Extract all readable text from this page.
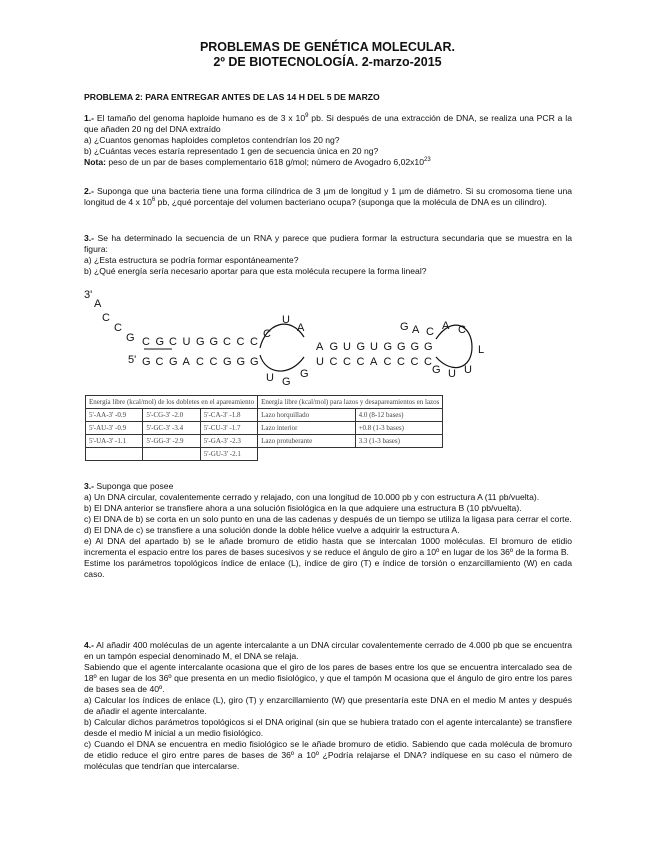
PROBLEMAS DE GENÉTICA MOLECULAR.
2º DE BIOTECNOLOGÍA. 2-marzo-2015
PROBLEMA 2: PARA ENTREGAR ANTES DE LAS 14 H DEL 5 DE MARZO

1.- El tamaño del genoma haploide humano es de 3 x $10^9$ pb. Si después de una extracción de DNA, se realiza una PCR a la que añaden 20 ng del DNA extraído

a) ¿Cuantos genomas haploides completos contendrían los 20 ng?

b) ¿Cuántas veces estaría representado 1 gen de secuencia única en 20 ng?

Nota: peso de un par de bases complementario 618 g/mol; número de Avogadro $6,02x10^{23}$

2.- Suponga que una bacteria tiene una forma cilíndrica de 3 µm de longitud y 1 µm de diámetro. Si su cromosoma tiene una longitud de 4 x $10^6$ pb, ¿qué porcentaje del volumen bacteriano ocupa? (suponga que la molécula de DNA es un cilindro).

3.- Se ha determinado la secuencia de un RNA y parece que pudiera formar la estructura secundaria que se muestra en la figura:

a) ¿Esta estructura se podría formar espontáneamente?

b) ¿Qué energía sería necesario aportar para que esta molécula recupere la forma lineal?

3'
5'
A
C
C
G C G C U G G C C C
G C G A C C G G G
C
U
A
U G
G
A G U G U G G G G
U C C C A C C C C
G A C A C
L
U
U
G
Energía libre (kcal/mol) de los dobletes en el apareamiento			Energía libre (kcal/mol) para lazos y desapareamientos en lazos	
5'-AA-3' -0.9	5'-CG-3' -2.0	5'-CA-3' -1.8	Lazo horquillado	4.0 (8-12 bases)
5'-AU-3' -0.9	5'-GC-3' -3.4	5'-CU-3' -1.7	Lazo interior	+0.8 (1-3 bases)
5'-UA-3' -1.1	5'-GG-3' -2.9	5'-GA-3' -2.3	Lazo protuberante	3.3 (1-3 bases)
		5'-GU-3' -2.1		

3.- Suponga que posee

a) Un DNA circular, covalentemente cerrado y relajado, con una longitud de 10.000 pb y con estructura A (11 pb/vuelta).

b) El DNA anterior se transfiere ahora a una solución fisiológica en la que adquiere una estructura B (10 pb/vuelta).

c) El DNA de b) se corta en un solo punto en una de las cadenas y después de un tiempo se utiliza la ligasa para cerrar el corte.

d) El DNA de c) se transfiere a una solución donde la doble hélice vuelve a adquirir la estructura A.

e) Al DNA del apartado b) se le añade bromuro de etidio hasta que se intercalan 1000 moléculas. El bromuro de etidio incrementa el espacio entre los pares de bases sucesivos y se reduce el ángulo de giro a 10º en lugar de los 36º de la forma B.

Estime los parámetros topológicos índice de enlace (L), índice de giro (T) e índice de torsión o enzarcillamiento (W) en cada caso.

4.- Al añadir 400 moléculas de un agente intercalante a un DNA circular covalentemente cerrado de 4.000 pb que se encuentra en un tampón especial denominado M, el DNA se relaja.

Sabiendo que el agente intercalante ocasiona que el giro de los pares de bases entre los que se encuentra intercalado sea de 18º en lugar de los 36º que presenta en un medio fisiológico, y que el tampón M ocasiona que el ángulo de giro entre los pares de bases sea de 40º.

a) Calcular los índices de enlace (L), giro (T) y enzarcillamiento (W) que presentaría este DNA en el medio M antes y después de añadir el agente intercalante.

b) Calcular dichos parámetros topológicos si el DNA original (sin que se hubiera tratado con el agente intercalante) se transfiere desde el medio M inicial a un medio fisiológico.

c) Cuando el DNA se encuentra en medio fisiológico se le añade bromuro de etidio. Sabiendo que cada molécula de bromuro de etidio reduce el giro entre pares de bases de 36º a 10º ¿Podría relajarse el DNA? indíquese en su caso el número de moléculas que tendrían que intercalarse.
